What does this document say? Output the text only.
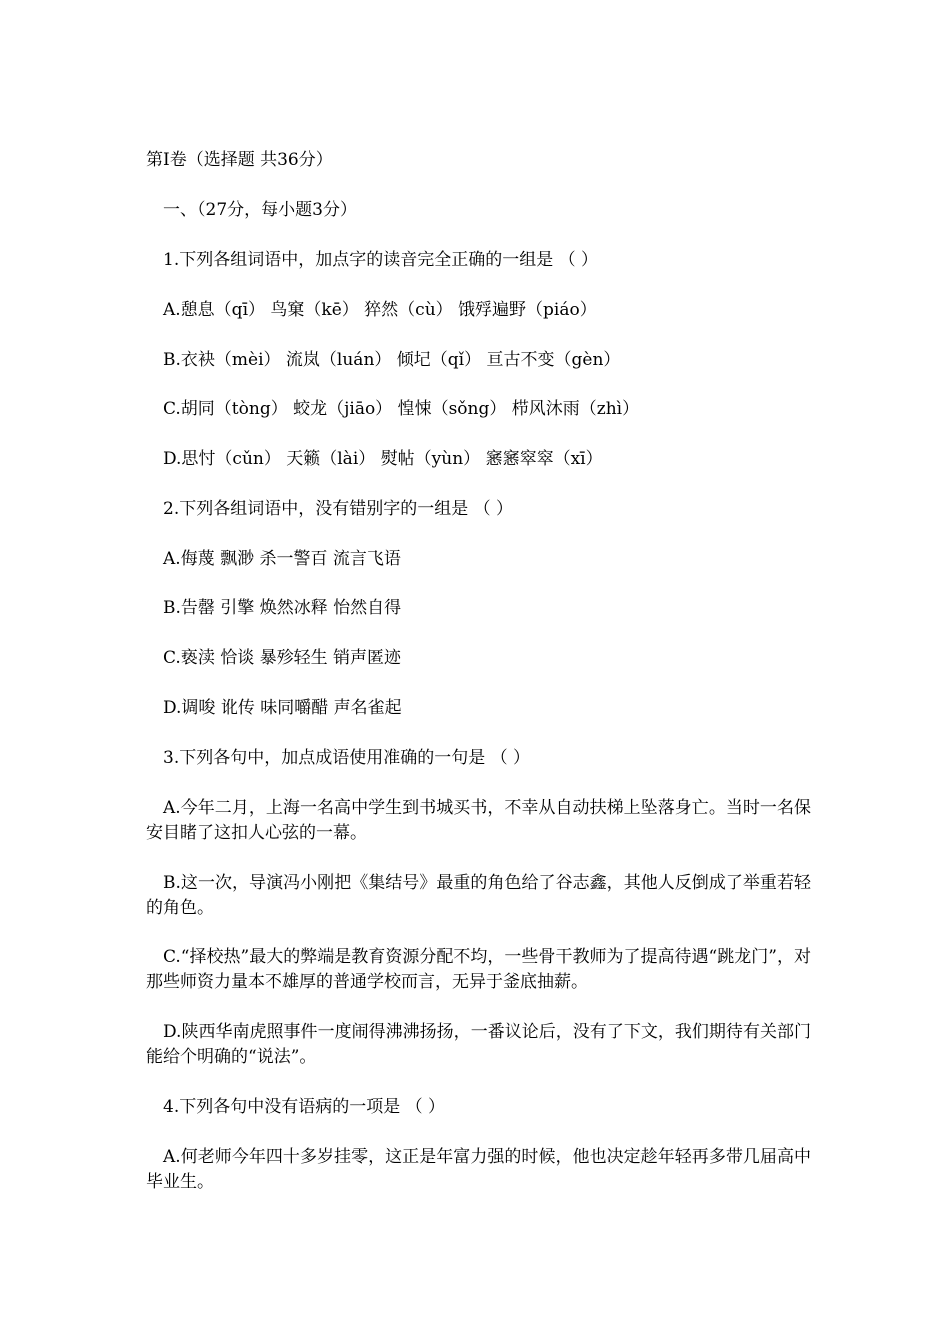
第I卷（选择题 共36分）
一、（27分，每小题3分）
1.下列各组词语中，加点字的读音完全正确的一组是 （ ）
A.憩息（qī） 鸟窠（kē） 猝然（cù） 饿殍遍野（piáo）
B.衣袂（mèi） 流岚（luán） 倾圮（qǐ） 亘古不变（gèn）
C.胡同（tòng） 蛟龙（jiāo） 惶悚（sǒng） 栉风沐雨（zhì）
D.思忖（cǔn） 天籁（lài） 熨帖（yùn） 窸窸窣窣（xī）
2.下列各组词语中，没有错别字的一组是 （ ）
A.侮蔑 飘渺 杀一警百 流言飞语
B.告罄 引擎 焕然冰释 怡然自得
C.亵渎 恰谈 暴殄轻生 销声匿迹
D.调唆 讹传 味同嚼醋 声名雀起
3.下列各句中，加点成语使用准确的一句是 （ ）
A.今年二月，上海一名高中学生到书城买书，不幸从自动扶梯上坠落身亡。当时一名保安目睹了这扣人心弦的一幕。
B.这一次，导演冯小刚把《集结号》最重的角色给了谷志鑫，其他人反倒成了举重若轻的角色。
C.“择校热”最大的弊端是教育资源分配不均，一些骨干教师为了提高待遇“跳龙门”，对那些师资力量本不雄厚的普通学校而言，无异于釜底抽薪。
D.陕西华南虎照事件一度闹得沸沸扬扬，一番议论后，没有了下文，我们期待有关部门能给个明确的“说法”。
4.下列各句中没有语病的一项是 （ ）
A.何老师今年四十多岁挂零，这正是年富力强的时候，他也决定趁年轻再多带几届高中毕业生。
